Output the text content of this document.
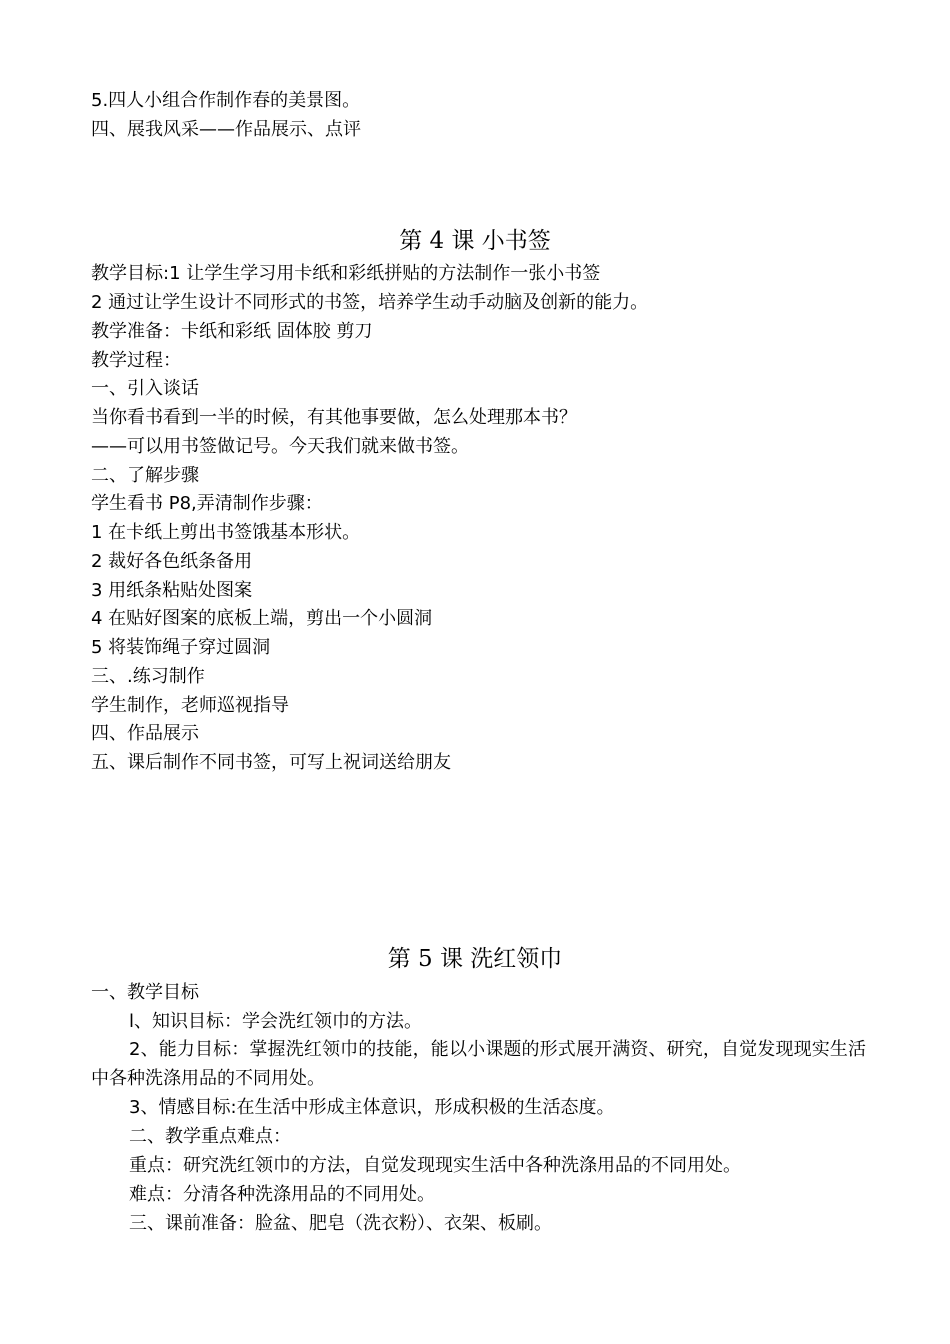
5.四人小组合作制作春的美景图。
四、展我风采——作品展示、点评
第 4 课 小书签
教学目标:1 让学生学习用卡纸和彩纸拼贴的方法制作一张小书签
2 通过让学生设计不同形式的书签，培养学生动手动脑及创新的能力。
教学准备：卡纸和彩纸 固体胶 剪刀
教学过程：
一、引入谈话
当你看书看到一半的时候，有其他事要做，怎么处理那本书？
——可以用书签做记号。今天我们就来做书签。
二、了解步骤
学生看书 P8,弄清制作步骤：
1 在卡纸上剪出书签饿基本形状。
2 裁好各色纸条备用
3 用纸条粘贴处图案
4 在贴好图案的底板上端，剪出一个小圆洞
5 将装饰绳子穿过圆洞
三、.练习制作
学生制作，老师巡视指导
四、作品展示
五、课后制作不同书签，可写上祝词送给朋友
第 5 课 洗红领巾
一、教学目标
l、知识目标：学会洗红领巾的方法。
2、能力目标：掌握洗红领巾的技能，能以小课题的形式展开满资、研究，自觉发现现实生活中各种洗涤用品的不同用处。
3、情感目标:在生活中形成主体意识，形成积极的生活态度。
二、教学重点难点：
重点：研究洗红领巾的方法，自觉发现现实生活中各种洗涤用品的不同用处。
难点：分清各种洗涤用品的不同用处。
三、课前准备：脸盆、肥皂（洗衣粉）、衣架、板刷。
